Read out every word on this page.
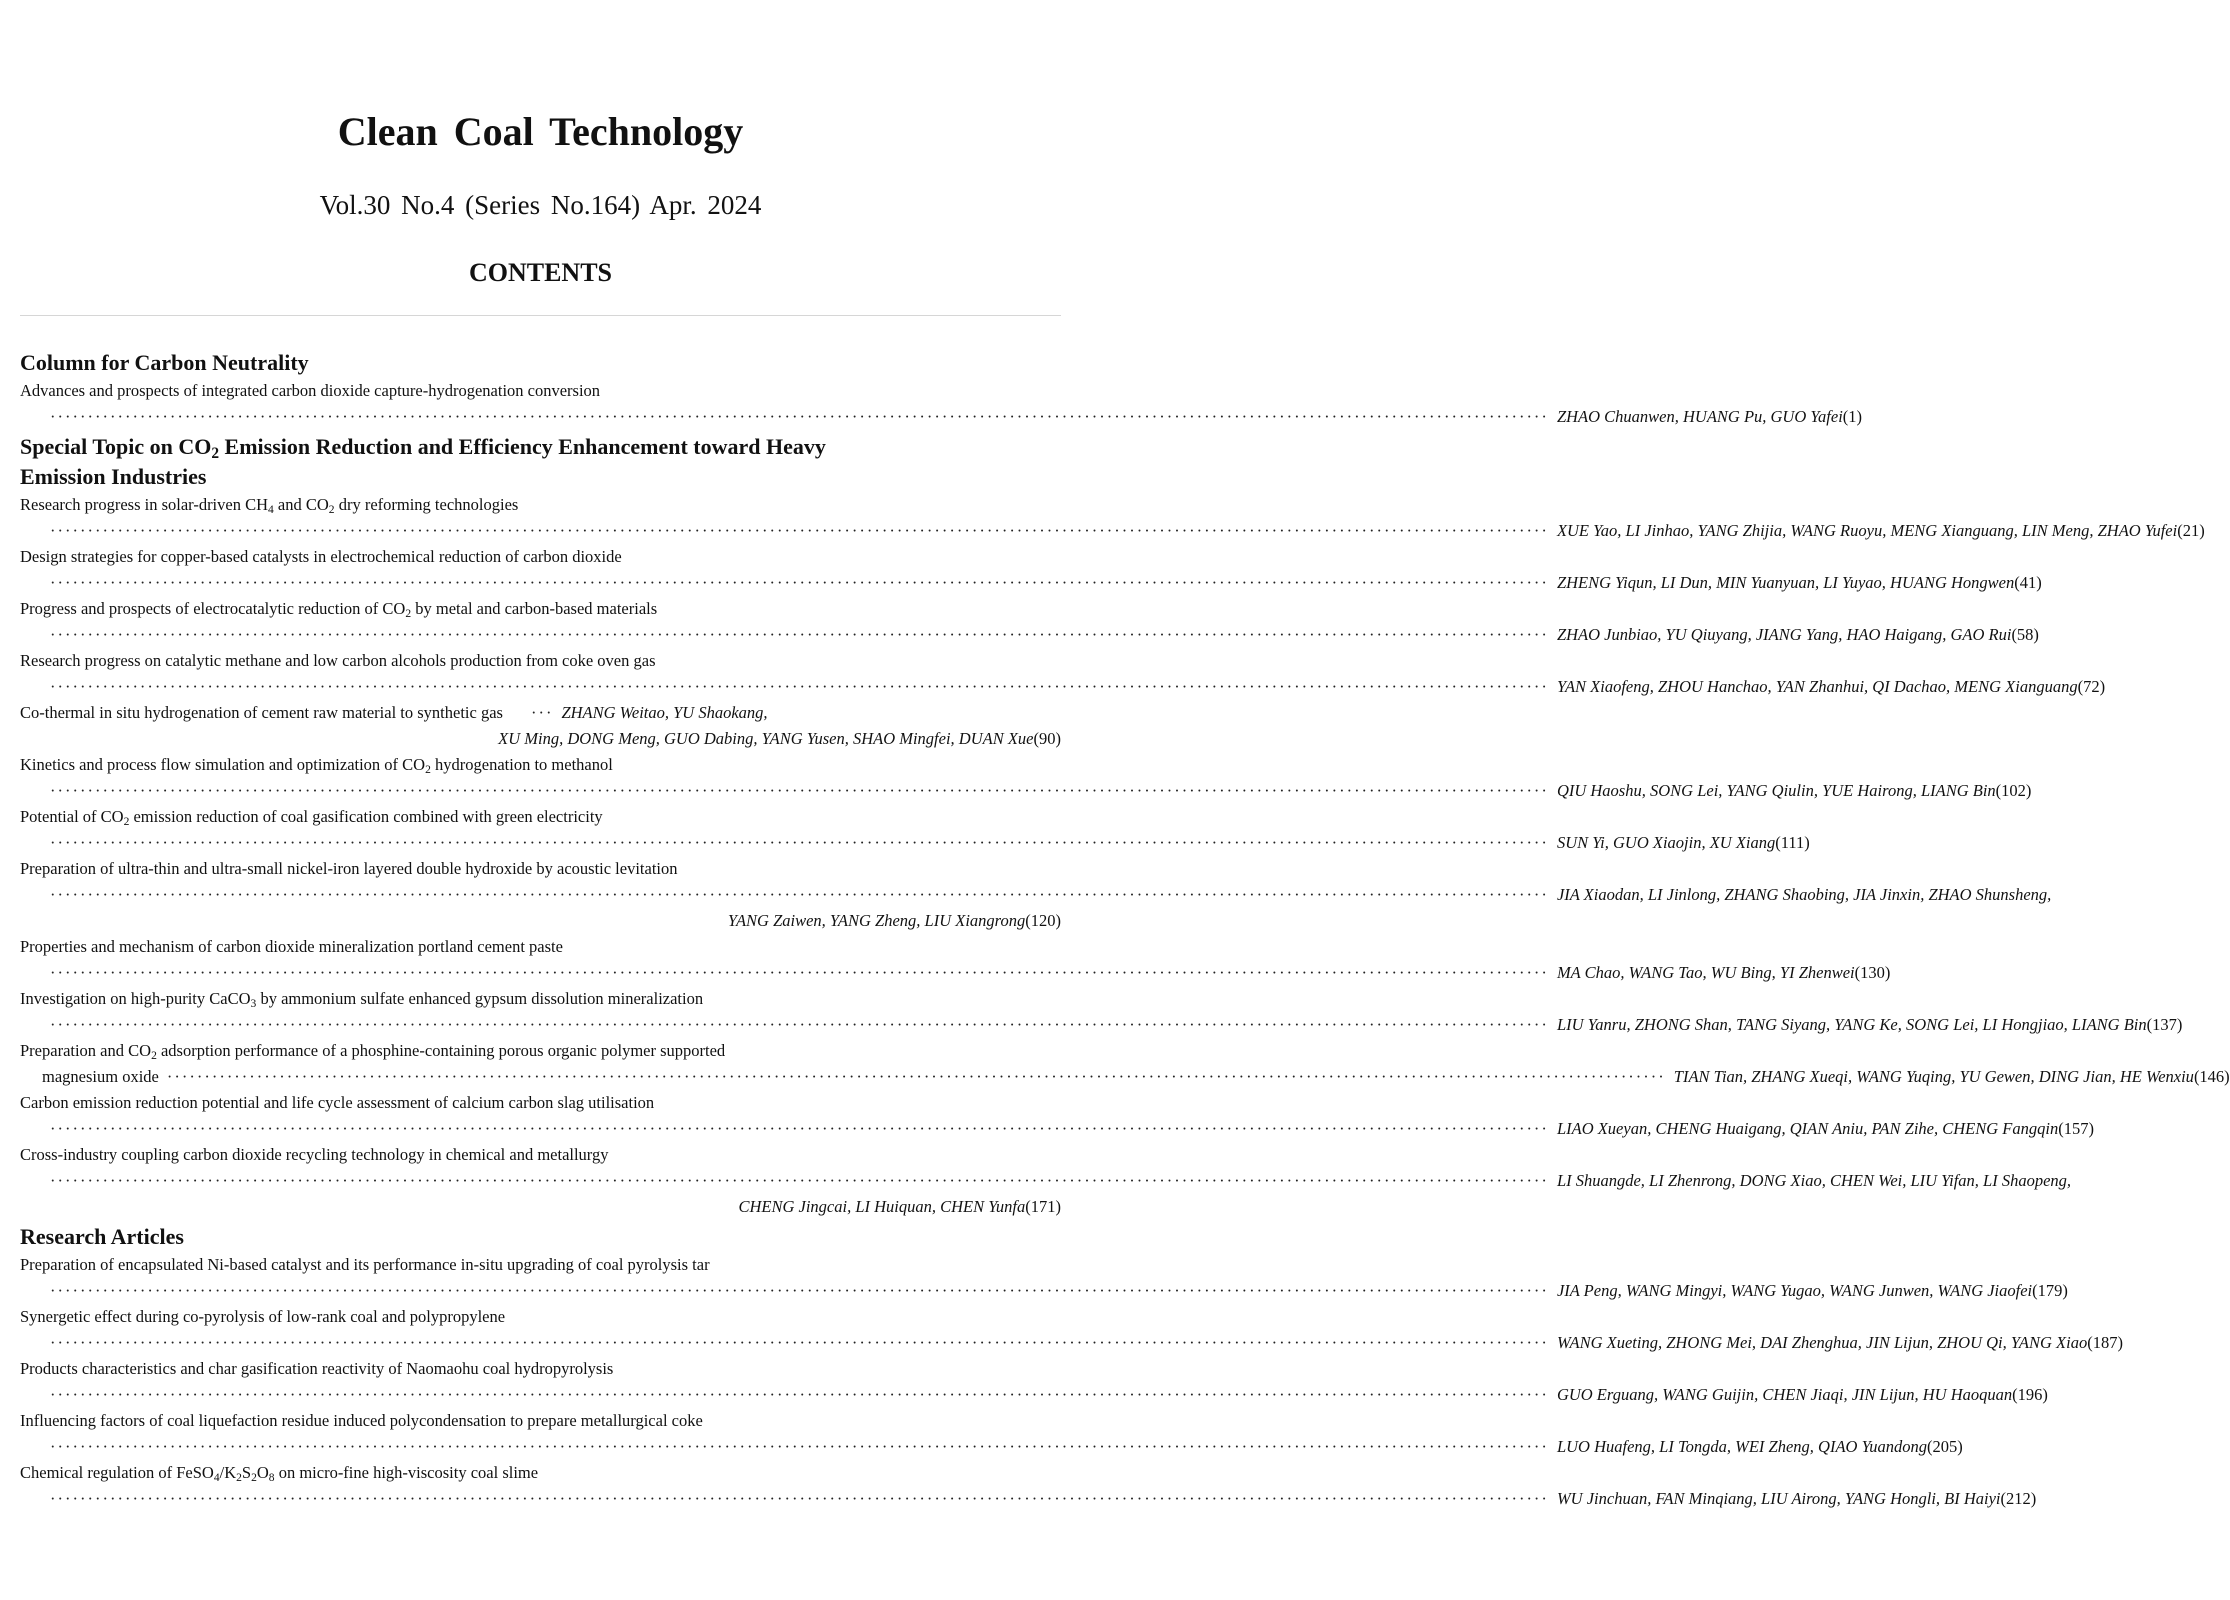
Clean Coal Technology
Vol.30 No.4 (Series No.164) Apr. 2024
CONTENTS
Column for Carbon Neutrality
Advances and prospects of integrated carbon dioxide capture-hydrogenation conversion
········································································································································································································ ZHAO Chuanwen, HUANG Pu, GUO Yafei (1)
Special Topic on $CO_2$ Emission Reduction and Efficiency Enhancement toward Heavy
Emission Industries
Research progress in solar-driven $CH_4$ and $CO_2$ dry reforming technologies
········································································································································································································ XUE Yao, LI Jinhao, YANG Zhijia, WANG Ruoyu, MENG Xianguang, LIN Meng, ZHAO Yufei (21)
Design strategies for copper-based catalysts in electrochemical reduction of carbon dioxide
········································································································································································································ ZHENG Yiqun, LI Dun, MIN Yuanyuan, LI Yuyao, HUANG Hongwen (41)
Progress and prospects of electrocatalytic reduction of $CO_2$ by metal and carbon-based materials
········································································································································································································ ZHAO Junbiao, YU Qiuyang, JIANG Yang, HAO Haigang, GAO Rui (58)
Research progress on catalytic methane and low carbon alcohols production from coke oven gas
········································································································································································································ YAN Xiaofeng, ZHOU Hanchao, YAN Zhanhui, QI Dachao, MENG Xianguang (72)
Co-thermal in situ hydrogenation of cement raw material to synthetic gas ··· ZHANG Weitao, YU Shaokang,
XU Ming, DONG Meng, GUO Dabing, YANG Yusen, SHAO Mingfei, DUAN Xue (90)
Kinetics and process flow simulation and optimization of $CO_2$ hydrogenation to methanol
········································································································································································································ QIU Haoshu, SONG Lei, YANG Qiulin, YUE Hairong, LIANG Bin (102)
Potential of $CO_2$ emission reduction of coal gasification combined with green electricity
········································································································································································································ SUN Yi, GUO Xiaojin, XU Xiang (111)
Preparation of ultra-thin and ultra-small nickel-iron layered double hydroxide by acoustic levitation
········································································································································································································ JIA Xiaodan, LI Jinlong, ZHANG Shaobing, JIA Jinxin, ZHAO Shunsheng,
YANG Zaiwen, YANG Zheng, LIU Xiangrong (120)
Properties and mechanism of carbon dioxide mineralization portland cement paste
········································································································································································································ MA Chao, WANG Tao, WU Bing, YI Zhenwei (130)
Investigation on high-purity CaCO$_3$ by ammonium sulfate enhanced gypsum dissolution mineralization
········································································································································································································ LIU Yanru, ZHONG Shan, TANG Siyang, YANG Ke, SONG Lei, LI Hongjiao, LIANG Bin (137)
Preparation and $CO_2$ adsorption performance of a phosphine-containing porous organic polymer supported
magnesium oxide ········································································································································································································ TIAN Tian, ZHANG Xueqi, WANG Yuqing, YU Gewen, DING Jian, HE Wenxiu (146)
Carbon emission reduction potential and life cycle assessment of calcium carbon slag utilisation
········································································································································································································ LIAO Xueyan, CHENG Huaigang, QIAN Aniu, PAN Zihe, CHENG Fangqin (157)
Cross-industry coupling carbon dioxide recycling technology in chemical and metallurgy
········································································································································································································ LI Shuangde, LI Zhenrong, DONG Xiao, CHEN Wei, LIU Yifan, LI Shaopeng,
CHENG Jingcai, LI Huiquan, CHEN Yunfa (171)
Research Articles
Preparation of encapsulated Ni-based catalyst and its performance in-situ upgrading of coal pyrolysis tar
········································································································································································································ JIA Peng, WANG Mingyi, WANG Yugao, WANG Junwen, WANG Jiaofei (179)
Synergetic effect during co-pyrolysis of low-rank coal and polypropylene
········································································································································································································ WANG Xueting, ZHONG Mei, DAI Zhenghua, JIN Lijun, ZHOU Qi, YANG Xiao (187)
Products characteristics and char gasification reactivity of Naomaohu coal hydropyrolysis
········································································································································································································ GUO Erguang, WANG Guijin, CHEN Jiaqi, JIN Lijun, HU Haoquan (196)
Influencing factors of coal liquefaction residue induced polycondensation to prepare metallurgical coke
········································································································································································································ LUO Huafeng, LI Tongda, WEI Zheng, QIAO Yuandong (205)
Chemical regulation of $FeSO_4/K_2S_2O_8$ on micro-fine high-viscosity coal slime
········································································································································································································ WU Jinchuan, FAN Minqiang, LIU Airong, YANG Hongli, BI Haiyi (212)
